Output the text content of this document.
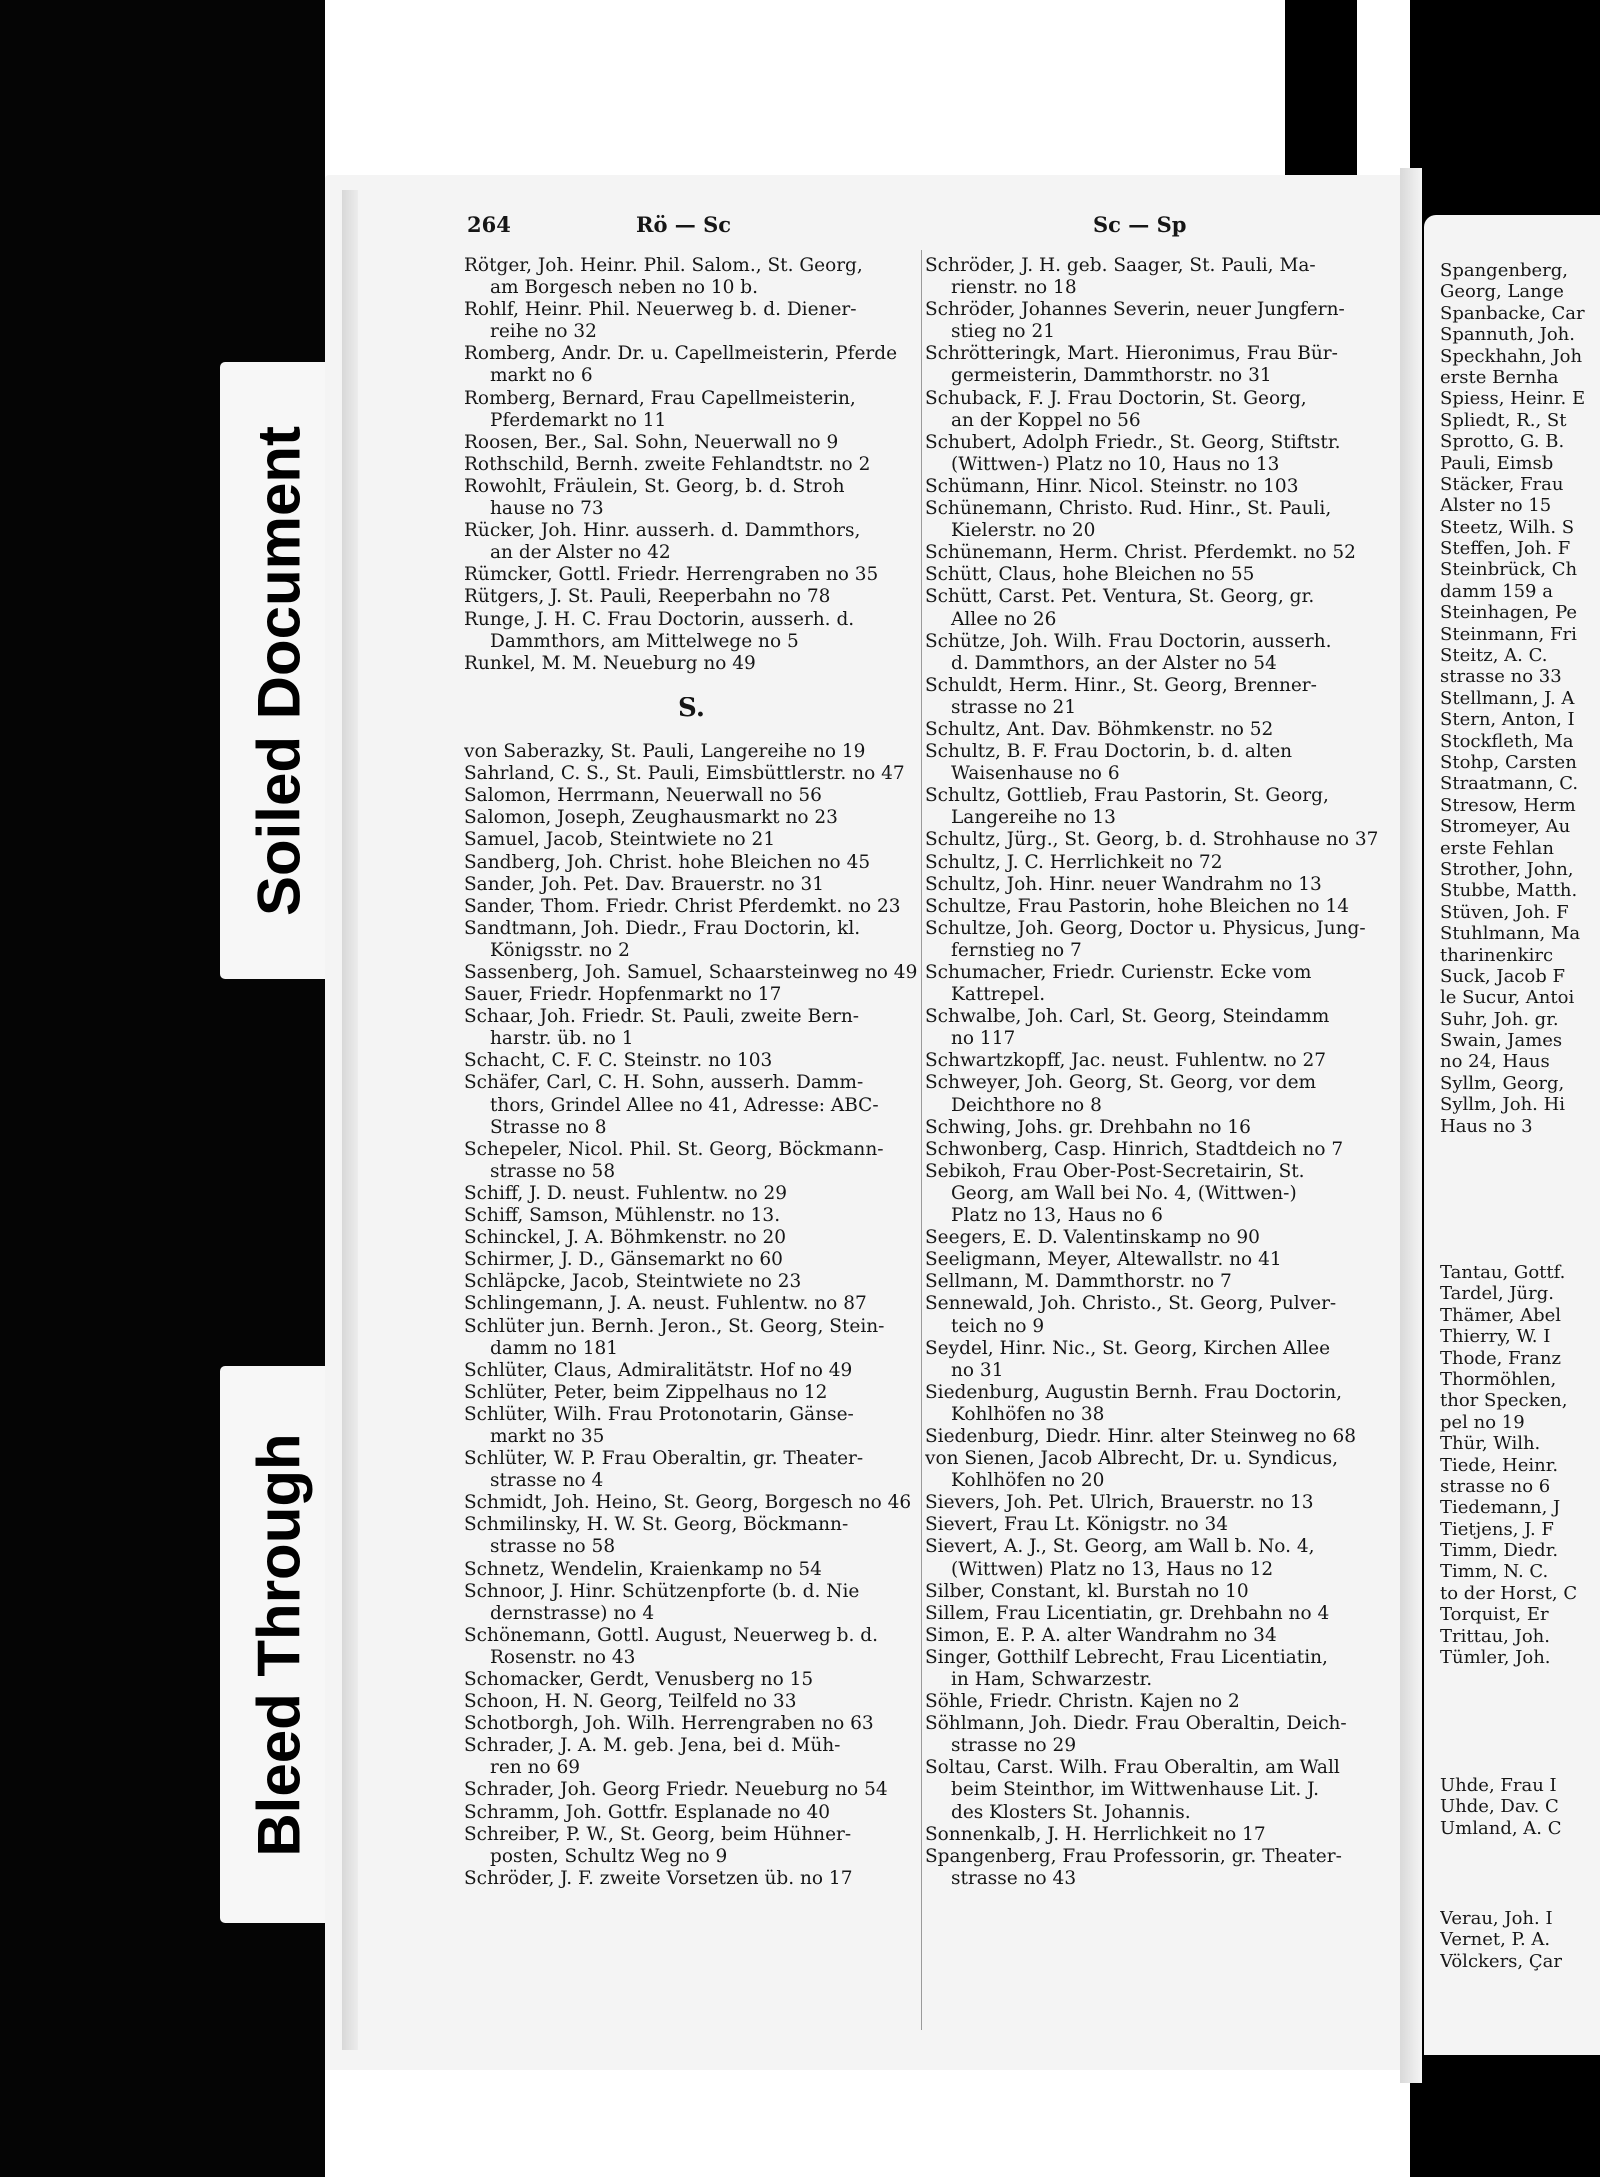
Soiled Document
Bleed Through
264	Rö — Sc	Sc — Sp
Rötger, Joh. Heinr. Phil. Salom., St. Georg,
am Borgesch neben no 10 b.
Rohlf, Heinr. Phil. Neuerweg b. d. Diener-
reihe no 32
Romberg, Andr. Dr. u. Capellmeisterin, Pferde
markt no 6
Romberg, Bernard, Frau Capellmeisterin,
Pferdemarkt no 11
Roosen, Ber., Sal. Sohn, Neuerwall no 9
Rothschild, Bernh. zweite Fehlandtstr. no 2
Rowohlt, Fräulein, St. Georg, b. d. Stroh
hause no 73
Rücker, Joh. Hinr. ausserh. d. Dammthors,
an der Alster no 42
Rümcker, Gottl. Friedr. Herrengraben no 35
Rütgers, J. St. Pauli, Reeperbahn no 78
Runge, J. H. C. Frau Doctorin, ausserh. d.
Dammthors, am Mittelwege no 5
Runkel, M. M. Neueburg no 49
S.
von Saberazky, St. Pauli, Langereihe no 19
Sahrland, C. S., St. Pauli, Eimsbüttlerstr. no 47
Salomon, Herrmann, Neuerwall no 56
Salomon, Joseph, Zeughausmarkt no 23
Samuel, Jacob, Steintwiete no 21
Sandberg, Joh. Christ. hohe Bleichen no 45
Sander, Joh. Pet. Dav. Brauerstr. no 31
Sander, Thom. Friedr. Christ Pferdemkt. no 23
Sandtmann, Joh. Diedr., Frau Doctorin, kl.
Königsstr. no 2
Sassenberg, Joh. Samuel, Schaarsteinweg no 49
Sauer, Friedr. Hopfenmarkt no 17
Schaar, Joh. Friedr. St. Pauli, zweite Bern-
harstr. üb. no 1
Schacht, C. F. C. Steinstr. no 103
Schäfer, Carl, C. H. Sohn, ausserh. Damm-
thors, Grindel Allee no 41, Adresse: ABC-
Strasse no 8
Schepeler, Nicol. Phil. St. Georg, Böckmann-
strasse no 58
Schiff, J. D. neust. Fuhlentw. no 29
Schiff, Samson, Mühlenstr. no 13.
Schinckel, J. A. Böhmkenstr. no 20
Schirmer, J. D., Gänsemarkt no 60
Schläpcke, Jacob, Steintwiete no 23
Schlingemann, J. A. neust. Fuhlentw. no 87
Schlüter jun. Bernh. Jeron., St. Georg, Stein-
damm no 181
Schlüter, Claus, Admiralitätstr. Hof no 49
Schlüter, Peter, beim Zippelhaus no 12
Schlüter, Wilh. Frau Protonotarin, Gänse-
markt no 35
Schlüter, W. P. Frau Oberaltin, gr. Theater-
strasse no 4
Schmidt, Joh. Heino, St. Georg, Borgesch no 46
Schmilinsky, H. W. St. Georg, Böckmann-
strasse no 58
Schnetz, Wendelin, Kraienkamp no 54
Schnoor, J. Hinr. Schützenpforte (b. d. Nie
dernstrasse) no 4
Schönemann, Gottl. August, Neuerweg b. d.
Rosenstr. no 43
Schomacker, Gerdt, Venusberg no 15
Schoon, H. N. Georg, Teilfeld no 33
Schotborgh, Joh. Wilh. Herrengraben no 63
Schrader, J. A. M. geb. Jena, bei d. Müh-
ren no 69
Schrader, Joh. Georg Friedr. Neueburg no 54
Schramm, Joh. Gottfr. Esplanade no 40
Schreiber, P. W., St. Georg, beim Hühner-
posten, Schultz Weg no 9
Schröder, J. F. zweite Vorsetzen üb. no 17
Schröder, J. H. geb. Saager, St. Pauli, Ma-
rienstr. no 18
Schröder, Johannes Severin, neuer Jungfern-
stieg no 21
Schrötteringk, Mart. Hieronimus, Frau Bür-
germeisterin, Dammthorstr. no 31
Schuback, F. J. Frau Doctorin, St. Georg,
an der Koppel no 56
Schubert, Adolph Friedr., St. Georg, Stiftstr.
(Wittwen-) Platz no 10, Haus no 13
Schümann, Hinr. Nicol. Steinstr. no 103
Schünemann, Christo. Rud. Hinr., St. Pauli,
Kielerstr. no 20
Schünemann, Herm. Christ. Pferdemkt. no 52
Schütt, Claus, hohe Bleichen no 55
Schütt, Carst. Pet. Ventura, St. Georg, gr.
Allee no 26
Schütze, Joh. Wilh. Frau Doctorin, ausserh.
d. Dammthors, an der Alster no 54
Schuldt, Herm. Hinr., St. Georg, Brenner-
strasse no 21
Schultz, Ant. Dav. Böhmkenstr. no 52
Schultz, B. F. Frau Doctorin, b. d. alten
Waisenhause no 6
Schultz, Gottlieb, Frau Pastorin, St. Georg,
Langereihe no 13
Schultz, Jürg., St. Georg, b. d. Strohhause no 37
Schultz, J. C. Herrlichkeit no 72
Schultz, Joh. Hinr. neuer Wandrahm no 13
Schultze, Frau Pastorin, hohe Bleichen no 14
Schultze, Joh. Georg, Doctor u. Physicus, Jung-
fernstieg no 7
Schumacher, Friedr. Curienstr. Ecke vom
Kattrepel.
Schwalbe, Joh. Carl, St. Georg, Steindamm
no 117
Schwartzkopff, Jac. neust. Fuhlentw. no 27
Schweyer, Joh. Georg, St. Georg, vor dem
Deichthore no 8
Schwing, Johs. gr. Drehbahn no 16
Schwonberg, Casp. Hinrich, Stadtdeich no 7
Sebikoh, Frau Ober-Post-Secretairin, St.
Georg, am Wall bei No. 4, (Wittwen-)
Platz no 13, Haus no 6
Seegers, E. D. Valentinskamp no 90
Seeligmann, Meyer, Altewallstr. no 41
Sellmann, M. Dammthorstr. no 7
Sennewald, Joh. Christo., St. Georg, Pulver-
teich no 9
Seydel, Hinr. Nic., St. Georg, Kirchen Allee
no 31
Siedenburg, Augustin Bernh. Frau Doctorin,
Kohlhöfen no 38
Siedenburg, Diedr. Hinr. alter Steinweg no 68
von Sienen, Jacob Albrecht, Dr. u. Syndicus,
Kohlhöfen no 20
Sievers, Joh. Pet. Ulrich, Brauerstr. no 13
Sievert, Frau Lt. Königstr. no 34
Sievert, A. J., St. Georg, am Wall b. No. 4,
(Wittwen) Platz no 13, Haus no 12
Silber, Constant, kl. Burstah no 10
Sillem, Frau Licentiatin, gr. Drehbahn no 4
Simon, E. P. A. alter Wandrahm no 34
Singer, Gotthilf Lebrecht, Frau Licentiatin,
in Ham, Schwarzestr.
Söhle, Friedr. Christn. Kajen no 2
Söhlmann, Joh. Diedr. Frau Oberaltin, Deich-
strasse no 29
Soltau, Carst. Wilh. Frau Oberaltin, am Wall
beim Steinthor, im Wittwenhause Lit. J.
des Klosters St. Johannis.
Sonnenkalb, J. H. Herrlichkeit no 17
Spangenberg, Frau Professorin, gr. Theater-
strasse no 43
Spangenberg,
Georg, Lange
Spanbacke, Car
Spannuth, Joh.
Speckhahn, Joh
erste Bernha
Spiess, Heinr. E
Spliedt, R., St
Sprotto, G. B.
Pauli, Eimsb
Stäcker, Frau
Alster no 15
Steetz, Wilh. S
Steffen, Joh. F
Steinbrück, Ch
damm 159 a
Steinhagen, Pe
Steinmann, Fri
Steitz, A. C.
strasse no 33
Stellmann, J. A
Stern, Anton, I
Stockfleth, Ma
Stohp, Carsten
Straatmann, C.
Stresow, Herm
Stromeyer, Au
erste Fehlan
Strother, John,
Stubbe, Matth.
Stüven, Joh. F
Stuhlmann, Ma
tharinenkirc
Suck, Jacob F
le Sucur, Antoi
Suhr, Joh. gr.
Swain, James
no 24, Haus
Syllm, Georg,
Syllm, Joh. Hi
Haus no 3
Tantau, Gottf.
Tardel, Jürg.
Thämer, Abel
Thierry, W. I
Thode, Franz
Thormöhlen,
thor Specken,
pel no 19
Thür, Wilh.
Tiede, Heinr.
strasse no 6
Tiedemann, J
Tietjens, J. F
Timm, Diedr.
Timm, N. C.
to der Horst, C
Torquist, Er
Trittau, Joh.
Tümler, Joh.
Uhde, Frau I
Uhde, Dav. C
Umland, A. C
Verau, Joh. I
Vernet, P. A.
Völckers, Çar
